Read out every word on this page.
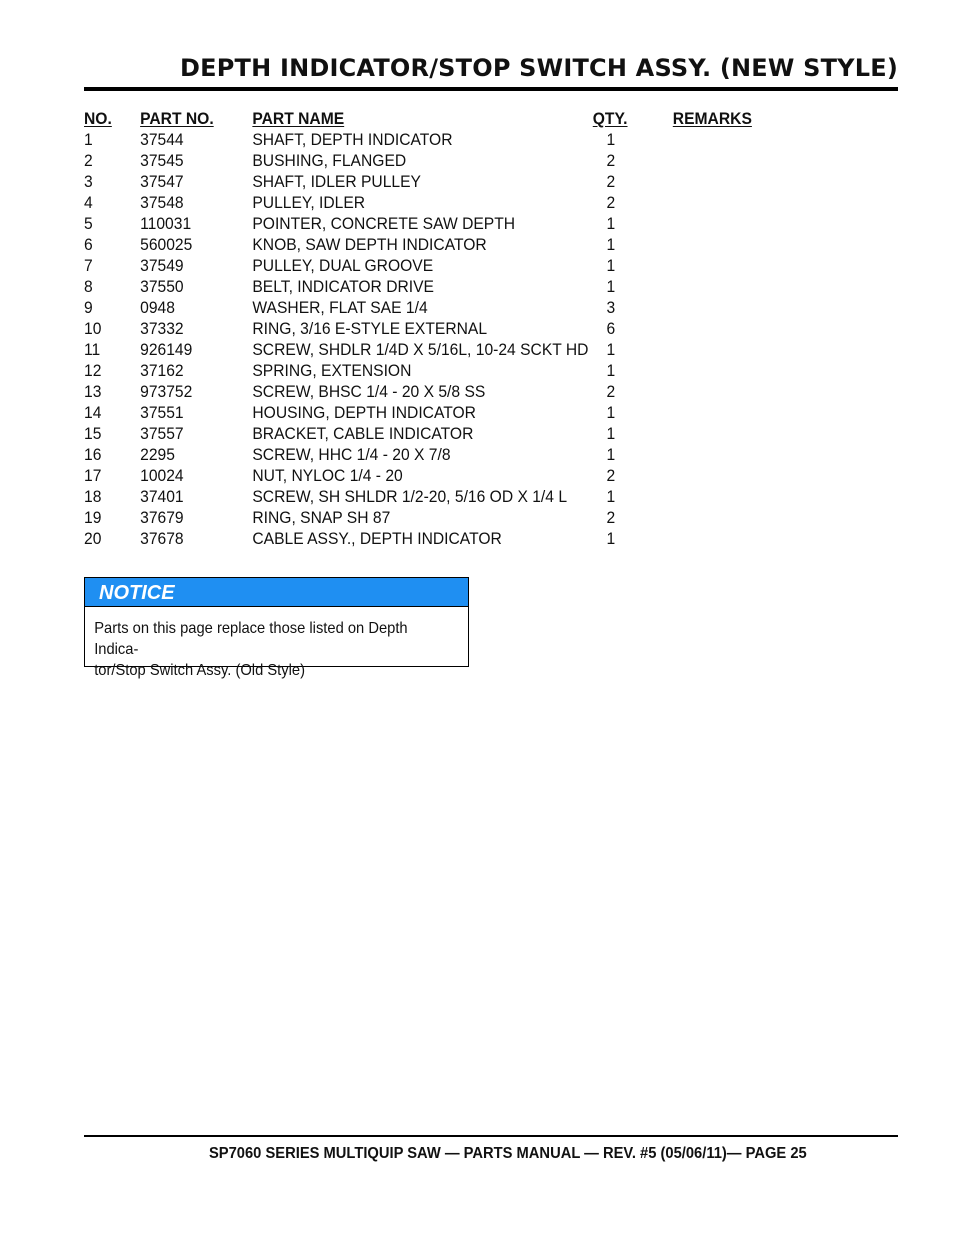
DEPTH INDICATOR/STOP SWITCH ASSY. (NEW STYLE)
NO.	PART NO.	PART NAME	QTY.	REMARKS
1	37544	SHAFT, DEPTH INDICATOR	1	
2	37545	BUSHING, FLANGED	2	
3	37547	SHAFT, IDLER PULLEY	2	
4	37548	PULLEY, IDLER	2	
5	110031	POINTER, CONCRETE SAW DEPTH	1	
6	560025	KNOB, SAW DEPTH INDICATOR	1	
7	37549	PULLEY, DUAL GROOVE	1	
8	37550	BELT, INDICATOR DRIVE	1	
9	0948	WASHER, FLAT SAE 1/4	3	
10	37332	RING, 3/16 E-STYLE EXTERNAL	6	
11	926149	SCREW, SHDLR 1/4D X 5/16L, 10-24 SCKT HD	1	
12	37162	SPRING, EXTENSION	1	
13	973752	SCREW, BHSC 1/4 - 20 X 5/8 SS	2	
14	37551	HOUSING, DEPTH INDICATOR	1	
15	37557	BRACKET, CABLE INDICATOR	1	
16	2295	SCREW, HHC 1/4 - 20 X 7/8	1	
17	10024	NUT, NYLOC 1/4 - 20	2	
18	37401	SCREW, SH SHLDR 1/2-20, 5/16 OD X 1/4 L	1	
19	37679	RING, SNAP SH 87	2	
20	37678	CABLE ASSY., DEPTH INDICATOR	1	
NOTICE
Parts on this page replace those listed on Depth Indica-
tor/Stop Switch Assy. (Old Style)
SP7060 SERIES MULTIQUIP SAW — PARTS MANUAL — REV. #5 (05/06/11)— PAGE 25
